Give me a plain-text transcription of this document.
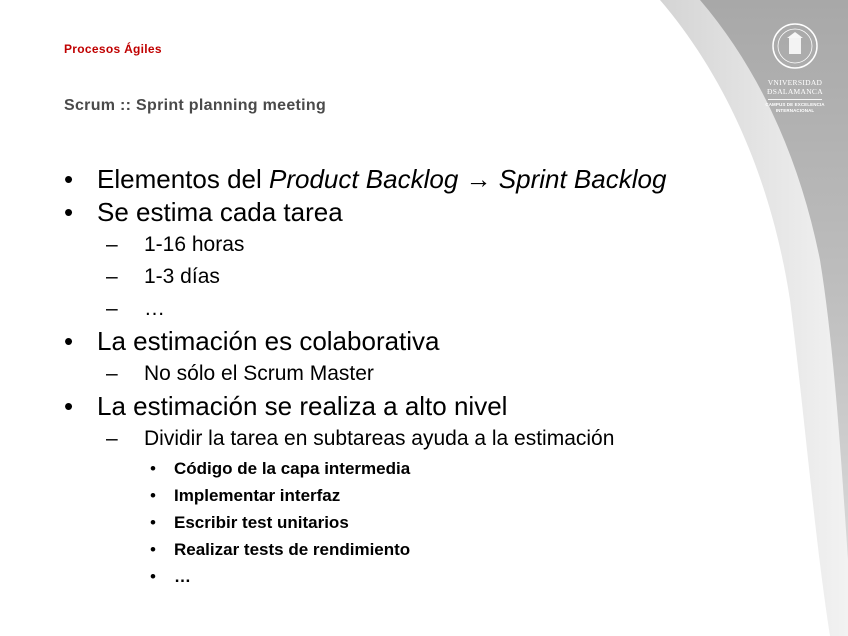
Procesos Ágiles
Scrum :: Sprint planning meeting
VNIVERSIDAD
ÐSALAMANCA
CAMPUS DE EXCELENCIA
INTERNACIONAL
• Elementos del Product Backlog → Sprint Backlog
• Se estima cada tarea
– 1-16 horas
– 1-3 días
– …
• La estimación es colaborativa
– No sólo el Scrum Master
• La estimación se realiza a alto nivel
– Dividir la tarea en subtareas ayuda a la estimación
• Código de la capa intermedia
• Implementar interfaz
• Escribir test unitarios
• Realizar tests de rendimiento
• …
